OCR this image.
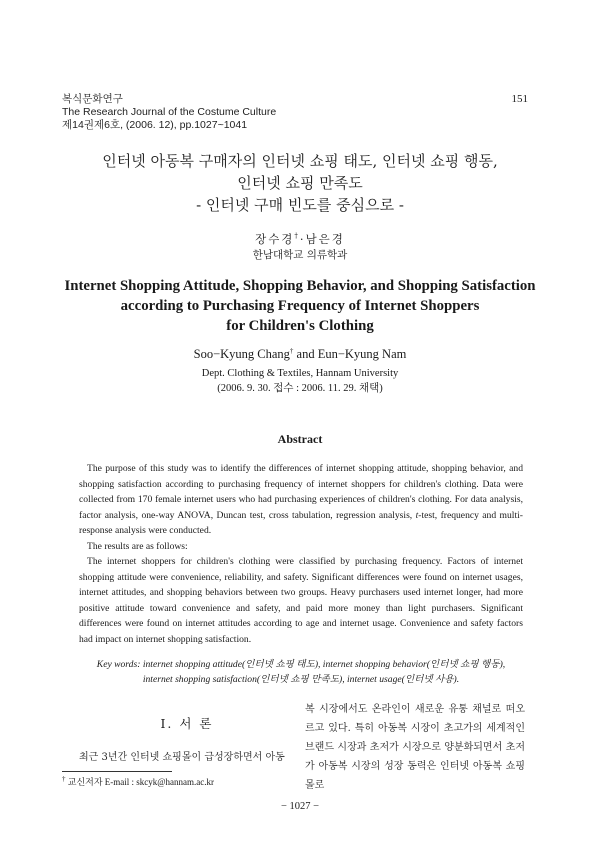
복식문화연구
The Research Journal of the Costume Culture
제14권제6호, (2006. 12), pp.1027~1041
151
인터넷 아동복 구매자의 인터넷 쇼핑 태도, 인터넷 쇼핑 행동,
인터넷 쇼핑 만족도
- 인터넷 구매 빈도를 중심으로 -
장수경†·남은경
한남대학교 의류학과
Internet Shopping Attitude, Shopping Behavior, and Shopping Satisfaction
according to Purchasing Frequency of Internet Shoppers
for Children's Clothing
Soo−Kyung Chang† and Eun−Kyung Nam
Dept. Clothing & Textiles, Hannam University
(2006. 9. 30. 접수 : 2006. 11. 29. 채택)
Abstract

The purpose of this study was to identify the differences of internet shopping attitude, shopping behavior, and shopping satisfaction according to purchasing frequency of internet shoppers for children's clothing. Data were collected from 170 female internet users who had purchasing experiences of children's clothing. For data analysis, factor analysis, one-way ANOVA, Duncan test, cross tabulation, regression analysis, t-test, frequency and multi-response analysis were conducted.

The results are as follows:

The internet shoppers for children's clothing were classified by purchasing frequency. Factors of internet shopping attitude were convenience, reliability, and safety. Significant differences were found on internet usages, internet attitudes, and shopping behaviors between two groups. Heavy purchasers used internet longer, had more positive attitude toward convenience and safety, and paid more money than light purchasers. Significant differences were found on internet attitudes according to age and internet usage. Convenience and safety factors had impact on internet shopping satisfaction.

Key words: internet shopping attitude(인터넷 쇼핑 태도), internet shopping behavior(인터넷 쇼핑 행동),
internet shopping satisfaction(인터넷 쇼핑 만족도), internet usage(인터넷 사용).
Ⅰ. 서 론
최근 3년간 인터넷 쇼핑몰이 급성장하면서 아동
복 시장에서도 온라인이 새로운 유통 채널로 떠오르고 있다. 특히 아동복 시장이 초고가의 세계적인 브랜드 시장과 초저가 시장으로 양분화되면서 초저가 아동복 시장의 성장 동력은 인터넷 아동복 쇼핑몰로
† 교신저자 E-mail : skcyk@hannam.ac.kr
− 1027 −
